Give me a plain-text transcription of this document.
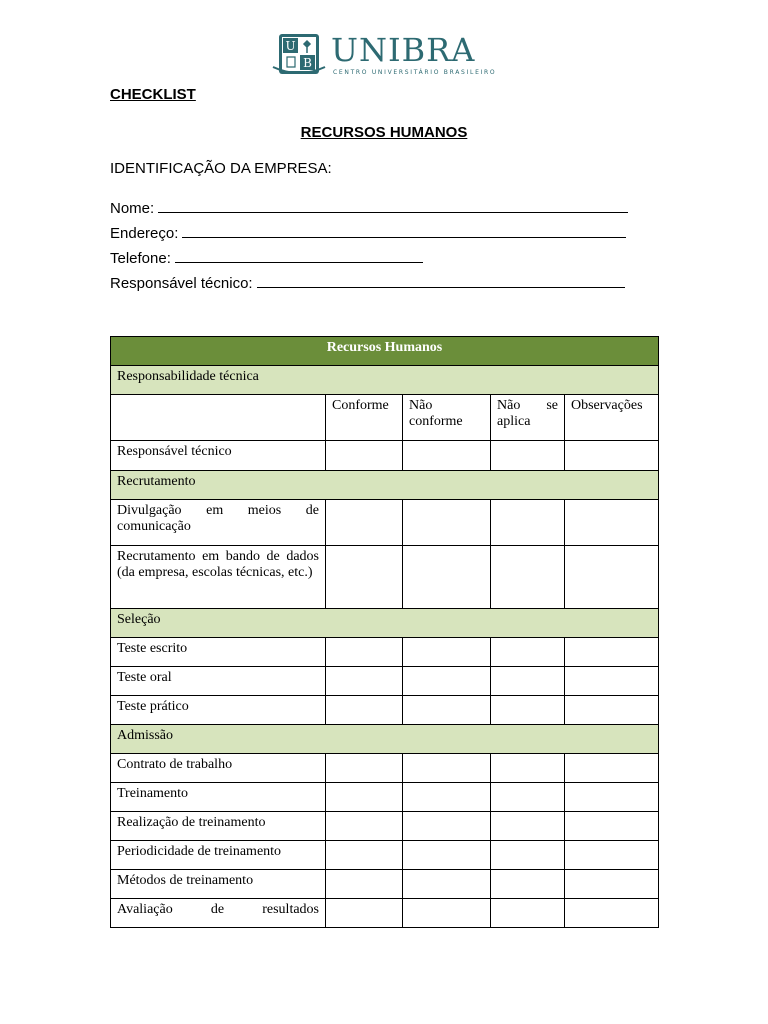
U
B UNIBRA
CENTRO UNIVERSITÁRIO BRASILEIRO
CHECKLIST
RECURSOS HUMANOS
IDENTIFICAÇÃO DA EMPRESA:
Nome:
Endereço:
Telefone:
Responsável técnico:
Recursos Humanos				
Responsabilidade técnica				
	Conforme	Não conforme	Não se aplica	Observações
Responsável técnico				
Recrutamento				
Divulgação em meios de comunicação				
Recrutamento em bando de dados (da empresa, escolas técnicas, etc.)				
Seleção				
Teste escrito				
Teste oral				
Teste prático				
Admissão				
Contrato de trabalho				
Treinamento				
Realização de treinamento				
Periodicidade de treinamento				
Métodos de treinamento				
Avaliação de resultados				
